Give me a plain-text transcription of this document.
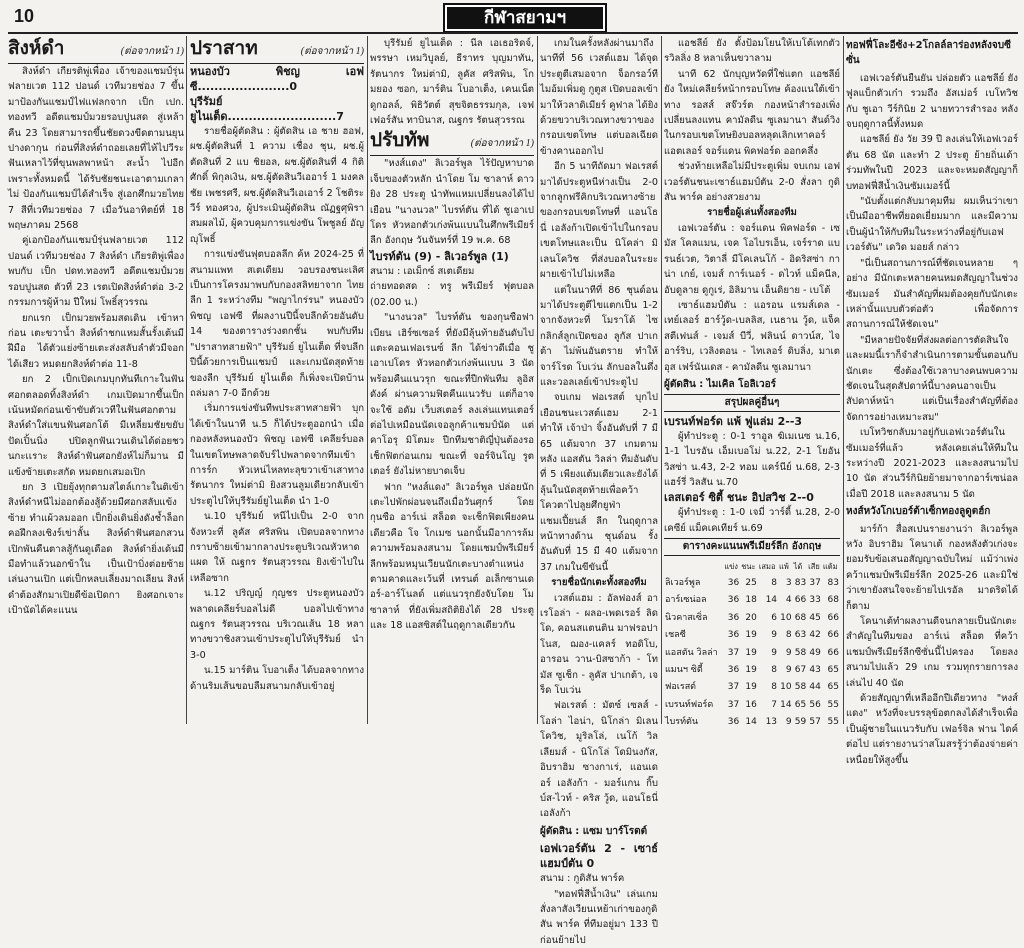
10	กีฬาสยามฯ
สิงห์ดำ	(ต่อจากหน้า 1)

สิงห์ดำ เกียรติพู่เพื่อง เจ้าของแชมป์รุ่นฟลายเวต 112 ปอนด์ เวทีมวยช่อง 7 ขึ้นมาป้องกันแชมป์ไฟแฟลกจาก เป็ก เปก. ทองทวี อดีตแชมป์มวยรอบปูนสด สู่เหล้าคืน 23 โดยสามารถขึ้นชัยดวงขีดตามนยุน ปางดากุน ก่อนที่สิงห์ดำถอยเลยที่ไห้ไปวีระ ฟันเหลาไว้ที่ขุนพลพาหน้า สะน้ำ ไปอีกเพราะทั้งหมดนี้ ได้รับชัยชนะเอาตามเกลาไม่ ป้องกันแชมป์ได้สำเร็จ สู่เอกศึกมวยไทย 7 สีที่เวทีมวยช่อง 7 เมื่อวันอาทิตย์ที่ 18 พฤษภาคม 2568

คู่เอกป้องกันแชมป์รุ่นฟลายเวต 112 ปอนด์ เวทีมวยช่อง 7 สิงห์ดำ เกียรติพู่เพื่อง พบกับ เป็ก ปดท.ทองทวี อดีตแชมป์มวยรอบปูนสด ตัวที่ 23 เรตเปิดสิงห์ดำต่อ 3-2 กรรมการผู้ห้าม ปีใหม่ โพธิ์สุวรรณ

ยกแรก เป็กมวยพร้อมสดเดิน เข้าหาก่อน เตะขวาน้ำ สิงห์ดำชกแหมสั้นรั้งเต้นมีฝีมือ ได้ตัวแย่งซ้ายเตะส่งสลับลำตัวมีจอกได้เสียว หมดยกสิงห์ดำต่อ 11-8

ยก 2 เป็กเปิดเกมบุกทันทีเกาะในฟันศอกตลอดทิ้งสิงห์ดำ เกมเปิดมากขึ้นเป็กเน้นหมัดก่อนเข้าขับตัวเวทีในฟันศอกตาม สิงห์ดำใส่แขนฟันศอกโต้ มีเหลี่ยมชัยขยับปัดเปิ้นนิ่ง ปปิดลูกฟันเวนเดินได้ด่อยชวนกะเเราะ สิงห์ดำฟันศอกยังห์ไม่ก็มาน มีแข้งซ้ายเตะสกัด หมดยกเสมอเปิก

ยก 3 เปิยยุ้งทุกตามสไตล์เกาะในติเข้า สิงห์ดำหนีไม่ออกต้องสู้ด้วยมีศอกสลับแข้งซ้าย ทำแผ้วลมออก เป็กยิ่งเดินยิ่งดังช้ำล็อกคอฝึกลงเชิงร์เข่าลั้น สิงห์ดำฟันศอกสวนเปิกพันคืนตาลสู้กันดูเดือด สิงห์ดำยิ่งเด้นมีมือทำแล้วนอกข้าใน เป็นเป้าบิ่งต่อยซ้ายเล่นงานเปิก แต่เป็กหลบเลี่ยงมาถเลียน สิงห์ดำต้องสักมาเปิยดีข้อเปิดกา ยิงศอกเจาะเป้านัดได้คะแนน

ปราสาท	(ต่อจากหน้า 1)
หนองบัว พิชญ เอฟซี......................0
บุรีรัมย์ ยูไนเต็ด..........................7

รายชื่อผู้ตัดสิน : ผู้ตัดสิน เอ ชาย ฮอฟ, ผช.ผู้ตัดสินที่ 1 ความ เชื่อง ชุน, ผช.ผู้ตัดสินที่ 2 แบ ชิยอล, ผช.ผู้ตัดสินที่ 4 กิติศักดิ์ พิกุลเงิน, ผช.ผู้ตัดสินวีเออาร์ 1 มงคลชัย เพชรศรี, ผช.ผู้ตัดสินวีเอเอาร์ 2 โชติระวีร์ ทองศวง, ผู้ประเมินผู้ตัดสิน ณัฏฐศุพิราสมผลไม้, ผู้ควบคุมการแข่งขัน โพชูลย์ อัญญุโพธิ์

การแข่งขันฟุตบอลลีก ค้ห 2024-25 ที่สนามแพท สเตเดียม วอบรองชนะเลิศ เป็นการโครงมาพบกับกองสลิทยาจาก ไทยลีก 1 ระหว่างทีม "พญาไกร่รน" หนองบัว พิชญ เอฟซี ที่ผลงานปีนี้จบลีกด้วยอันดับ 14 ของตารางร่วงตกชั้น พบกับทีม "ปราสาทสายฟ้า" บุรีรัมย์ ยูไนเต็ด ที่จบลีกปีนี้ด้วยการเป็นแชมป์ และเกมนัดสุดท้ายของลีก บุรีรัมย์ ยูไนเต็ด ก็เพิ่งจะเปิดบ้านถล่มลา 7-0 อีกด้วย

เริ่มการแข่งขันทีพประสาทสายฟ้า บุกได้เข้าในนาที น.5 ก็ได้ประตูออกนำ เมื่อกองหลังหนองบัว พิชญ เอฟซี เคลียร์บอลในเขตโทษพลาดจับร์ไปพลาดจากทีมเข้าการร์ก หัวเหน่ไหลทะลุขวาเข้าเสาทาง รัตนากร ใหม่ต่ามิ ยิงสวนลูมเดียวกลับเข้าประตูไปให้บุรีรัมย์ยูไนเต็ด นำ 1-0

น.10 บุรีรัมย์ หนีไปเป็น 2-0 จากจังหวะที่ ลูคัส ศริสพิน เปิดบอลจากทางกราบซ้ายเข้ามากลางประตูบริเวณหัวหาดแผด ให้ ณฐกร รัตนสุวรรณ ยิงเข้าไปในเหลือซาก

น.12 ปริญญ์ กุญชร ประตูหนองบัว พลาดเคลียร์บอลไม่ดี บอลไปเข้าทาง ณฐกร รัตนสุวรรณ บริเวณเส้น 18 หลาทางขวาชิงสวนเข้าประตูไปให้บุรีรัมย์ นำ 3-0

น.15 มาร์ติน โบอาเต็ง ได้บอลจากทางด้านริมเส้นขอบลืมสนามกลับเข้าอยู่

บุรีรัมย์ ยูไนเต็ด : นีล เอเธอริดจ์, พรรษา เหมวิบูลย์, ธีราทร บุญมาทัน, รัตนากร ใหม่ต่ามิ, ลูคัส ศริสพิน, โก มยอง ซอก, มาร์ติน โบอาเต็ง, เคนเน็ต ดูกอลล์, พิธิวัตต์ สุขจิตธรรมกุล, เจฟเฟอร์สัน ทาบินาส, ณฐกร รัตนสุวรรณ

ปรับทัพ	(ต่อจากหน้า 1)

"หงส์แดง" ลิเวอร์พูล ไร้ปัญหาบาดเจ็บของตัวหลัก นำโดย โม ซาลาห์ ดาวยิง 28 ประตู นำทัพแหมเปลี่ยนลงได้ไปเยือน "นางนวล" ไบรท์ตัน ที่ได้ ชูเอาเปโดร หัวหอกตัวเก่งพ้นแบนในศึกพรีเมียร์ลีก อังกฤษ วันจันทร์ที่ 19 พ.ค. 68

ไบรท์ตัน (9) - ลิเวอร์พูล (1)
สนาม : เอเม็กซ์ สเตเดียม
ถ่ายทอดสด : ทรู พรีเมียร์ ฟุตบอล (02.00 น.)

"นางนวล" ไบรท์ตัน ของกุนซือฟาเบียน เฮิร์ซเซอร์ ที่ยังมีลุ้นท้ายอันดับไปแตะคอนเฟอเรนซ์ ลีก ได้ข่าวดีเมื่อ ชูเอาเปโดร หัวหอกตัวเก่งพ้นแบน 3 นัด พร้อมคืนแนวรุก ขณะที่ปีกพันทีม ลูอิส ดังค์ ผ่านความฟิตคืนแนวรับ แต่ก็อาจจะใช้ อดัม เว็บสเตอร์ ลงเล่นแทนเตอร์ต่อไปเหมือนนัดเจอลูกค้าแชมป์นัด แต่ คาโอรุ มิโตมะ ปีกทีมชาติญี่ปุ่นต้องรอเช็กฟิตก่อนเกม ขณะที่ จอร์จินโญ รูตเตอร์ ยังไม่หายบาดเจ็บ

ฟาก "หงส์แดง" ลิเวอร์พูล ปล่อยนักเตะไปพักผ่อนจนถึงเมื่อวันศุกร์ โดยกุนซือ อาร์เน่ สล็อต จะเช็กฟิตเพียงคนเดียวคือ โจ โกเมซ นอกนั้นมีอาการล้มความพร้อมลงสนาม โดยแชมป์พรีเมียร์ลีกพร้อมหมุนเวียนนักเตะบางตำแหน่งตามคาดและเว้นที่ เทรนต์ อเล็กซานเดอร์-อาร์โนลด์ แต่แนวรุกยังจับโดย โม ซาลาห์ ที่ยังเพิ่มสถิติยิงได้ 28 ประตู และ 18 แอสซิสต์ในฤดูกาลเดียวกัน

เกมในครั้งหลังผ่านมาถึงนาทีที่ 56 เวสต์แฮม ได้จุดประตูตีเสมอจาก จ็อกรอว์ที ไมอ้มเพิ่มดู กูตูส เปิดบอลเข้ามาให้วลาดิเมียร์ คูฟาล ได้ยิงด้วยขวาบริเวณทางขวาของกรอบเขตโทษ แต่บอลเฉียดข้างคานออกไป

อีก 5 นาทีถัดมา ฟอเรสต์ มาได้ประตูหนีห่างเป็น 2-0 จากลูกฟรีคิกบริเวณทางซ้ายของกรอบเขตโทษที่ แอนโธนี่ เอลังก้าเปิดเข้าไปในกรอบเขตโทษและเป็น นิโคล่า มิเลนโควิช ที่ส่งบอลในระยะผายเข้าไปไม่เหลือ

แต่ในนาทีที่ 86 ชุนด์อน มาได้ประตูตีไขแตกเป็น 1-2 จากจังหวะที่ โมราโด้ ไซกลิกส์ลูกเปิดของ ลูกัส ปาเกต้า ไม่พ้นอันตราย ทำให้ จาร์โรด โบเว่น ลักบอลในดึ่งและวอลเลย์เข้าประตูไป

จบเกม ฟอเรสต์ บุกไปเยือนชนะเวสต์แฮม 2-1 ทำให้ เจ้าป่า จิ้งอันดับที่ 7 มี 65 แต้มจาก 37 เกมตามหลัง แอสตัน วิลล่า ทีมอันดับที่ 5 เพียงแต้มเดียวและยังได้ลุ้นในนัดสุดท้ายเพื่อคว้าโควตาไปลูยศึกยูฟ่า แชมเปี้ยนส์ ลีก ในฤดูกาลหน้าทางด้าน ชุนด์อน รั้งอันดับที่ 15 มี 40 แต้มจาก 37 เกมในขีขันนี้

รายชื่อนักเตะทั้งสองทีม

เวสต์แฮม : อัลฟองส์ อาเรโอล่า - ผลอ-เพดเรอร์ ลิดโด, คอนสแตนติน มาฟรอปาโนส, ฌอง-แคลร์ ทอดิโบ, อารอน วาน-บิสซาก้า - โทมัส ซูเช็ก - ลูคัส ปาเกต้า, เจร็ด โบเว่น

ฟอเรสต์ : มัตซ์ เซลส์ - โอล่า ไอน่า, นิโกล่า มิเลนโควิช, มูริลโล่, เนโก้ วิลเลียมส์ - นิโกโล่ โดมินงกัส, อิบราฮิม ซางกาเร่, แอนเดอร์ เอลังก้า - มอร์แกน กิ๊บบ์ส-ไวท์ - คริส วู้ด, แอนโธนี่ เอลังก้า

ผู้ตัดสิน : แซม บาร์โรตต์
เอฟเวอร์ตัน 2 - เซาธ์แฮมป์ตัน 0
สนาม : กูดิสัน พาร์ค

"ทอฟฟี่สีน้ำเงิน" เล่นเกมสั่งลาสังเวียนเหย้าเก่าของกูดิสัน พาร์ค ที่ทีมอยู่มา 133 ปีก่อนย้ายไป

แอชลีย์ ยัง ตั้งป้อมโยนให้เบโต้เทกตัวรวิลลิ่ง 8 หลาเห็นขวาลาม

นาที 62 นักบุญหวัดที่ใช่แตก แอชลีย์ ยัง ใหม่เคลียร์หน้ากรอบโทษ ค้องแนใต้เข้าทาง รอสส์ สจ๊วร์ต กองหน้าสำรองเพิ่งเปลี่ยนลงแทน คามัลดีน ซูเลมานา สันด์วิงในกรอบเขตโทษยิงบอลหลุดเลิกเทาคอร์ แอตเลอร์ จอร์แดน พิคฟอร์ด ออกคลึ่ง

ช่วงท้ายเหลือไม่มีประตูเพิ่ม จบเกม เอฟเวอร์ตันชนะเซาธ์แฮมป์ตัน 2-0 สั่งลา กูดิสัน พาร์ค อย่างสวยงาม

รายชื่อผู้เล่นทั้งสองทีม

เอฟเวอร์ตัน : จอร์แดน พิคฟอร์ด - เซมัส โคลแมน, เจค โอไบรเอ็น, เจร์ราด แบรนธ์เวต, วิตาลี่ มีโคเลนโก้ - อิดริสซ่า กาน่า เกย์, เจมส์ การ์เนอร์ - ดไวท์ แม็คนีล, อับดูลาย ดูกูเร่, อิลิมาน เอ็นดิยาย - เบโต้

เซาธ์แฮมป์ตัน : แอรอน แรมส์เดล - เทย์เลอร์ ฮาร์วู้ด-เบลลิส, เนธาน วู้ด, แจ็ค สตีเฟนส์ - เจมส์ บีวี่, ฟลินน์ ดาวน์ส, ไจ อาร์ริบ, เวลิงตอน - ไทเลอร์ ดิบลิ่ง, มาเตอุส เฟร์นันเดส - คามัลดีน ซูเลมานา

ผู้ตัดสิน : ไมเคิล โอลิเวอร์
สรุปผลคู่อื่นๆ
เบรนท์ฟอร์ด แพ้ ฟูแล่ม 2--3

ผู้ทำประตู : 0-1 ราอูล ฆิเมเนซ น.16, 1-1 ไบรอัน เอ็มเบอโม่ น.22, 2-1 โยอัน วิสซ่า น.43, 2-2 ทอม แคร์นีย์ น.68, 2-3 แฮร์รี่ วิลสัน น.70

เลสเตอร์ ซิตี้ ชนะ อิปสวิช 2--0

ผู้ทำประตู : 1-0 เจมี่ วาร์ดี้ น.28, 2-0 เคซีย์ แม็คเคเทียร์ น.69

ตารางคะแนนพรีเมียร์ลีก อังกฤษ
	แข่ง	ชนะ	เสมอ	แพ้	ได้	เสีย	แต้ม
ลิเวอร์พูล	36	25	8	3	83	37	83
อาร์เซน่อล	36	18	14	4	66	33	68
นิวคาสเซิ่ล	36	20	6	10	68	45	66
เชลซี	36	19	9	8	63	42	66
แอสตัน วิลล่า	37	19	9	9	58	49	66
แมนฯ ซิตี้	36	19	8	9	67	43	65
ฟอเรสต์	37	19	8	10	58	44	65
เบรนท์ฟอร์ด	37	16	7	14	65	56	55
ไบรท์ตัน	36	14	13	9	59	57	55
ทอฟฟี่โละอีซ้ง+2โกลล์ลาร่องหลังจบซีซั่น

เอฟเวอร์ตันยืนยัน ปล่อยตัว แอชลีย์ ยัง ฟูลแบ็กตัวเก๋า รวมถึง อัสเม่อร์ เบโทวิช กับ ชูเอา วีร์กินิย 2 นายทวารสำรอง หลังจบฤดูกาลนี้ทั้งหมด

แอชลีย์ ยัง วัย 39 ปี ลงเล่นให้เอฟเวอร์ตัน 68 นัด และทำ 2 ประตู ย้ายถิ่นเด้าร่วมทัพในปี 2023 และจะหมดสัญญาก็บทอฟฟี่สีน้ำเงินซัมเมอร์นี้

"นับตั้งแต่กลับมาคุมทีม ผมเห็นว่าเขาเป็นมืออาชีพที่ยอดเยี่ยมมาก และมีความเป็นผู้นำให้กับทีมในระหว่างที่อยู่กับเอฟเวอร์ตัน" เดวิด มอยส์ กล่าว

"นี่เป็นสถานการณ์ที่ชัดเจนหลาย ๆ อย่าง มีนักเตะหลายคนหมดสัญญาในช่วงซัมเมอร์ มันสำคัญที่ผมต้องคุยกับนักเตะเหล่านั้นแบบตัวต่อตัว เพื่อจัดการสถานการณ์ให้ชัดเจน"

"มีหลายปัจจัยที่ส่งผลต่อการตัดสินใจ และผมนี้เราก็จำสำเนินการตามขั้นตอนกับนักเตะ ซึ่งต้องใช้เวลาบางคนพบความชัดเจนในสุดสัปดาห์นี้บางคนอาจเป็นสัปดาห์หน้า แต่เป็นเรื่องสำคัญที่ต้องจัดการอย่างเหมาะสม"

เบโทวิชกลับมาอยู่กับเอฟเวอร์ตันในซัมเมอร์ที่แล้ว หลังเคยเล่นให้ทีมในระหว่างปี 2021-2023 และลงสนามไป 10 นัด ส่วนวีร์กินิยย้ายมาจากอาร์เซน่อลเมื่อปี 2018 และลงสนาม 5 นัด

หงส์หวังโกเบอร์ต้าเซ็กทองลูดูตฮ์ก

มาร์ก้า สื่อสเปนรายงานว่า ลิเวอร์พูลหวัง อิบราฮิม โคนาเต้ กองหลังตัวเก่งจะยอมรับข้อเสนอสัญญาฉบับใหม่ แม้ว่าเพ่งคว้าแชมป์พรีเมียร์ลีก 2025-26 และมิใช่ว่าเขายังสนใจจะย้ายไปเรอัล มาดริดได้ก็ตาม

โคนาเต้ทำผลงานดีจนกลายเป็นนักเตะสำคัญในทีมของ อาร์เน่ สล็อต ที่คว้าแชมป์พรีเมียร์ลีกซีซั่นนี้ไปครอง โดยลงสนามไปแล้ว 29 เกม รวมทุกรายการลงเล่นไป 40 นัด

ด้วยสัญญาที่เหลืออีกปีเดียวทาง "หงส์แดง" หวังที่จะบรรลุข้อตกลงได้สำเร็จเพื่อเป็นผู้ชายในแนวรับกับ เฟอร์จิล ฟาน ไดค์ ต่อไป แต่รายงานว่าสโมสรรู้ว่าต้องจ่ายค่าเหนื่อยให้สูงขึ้น
